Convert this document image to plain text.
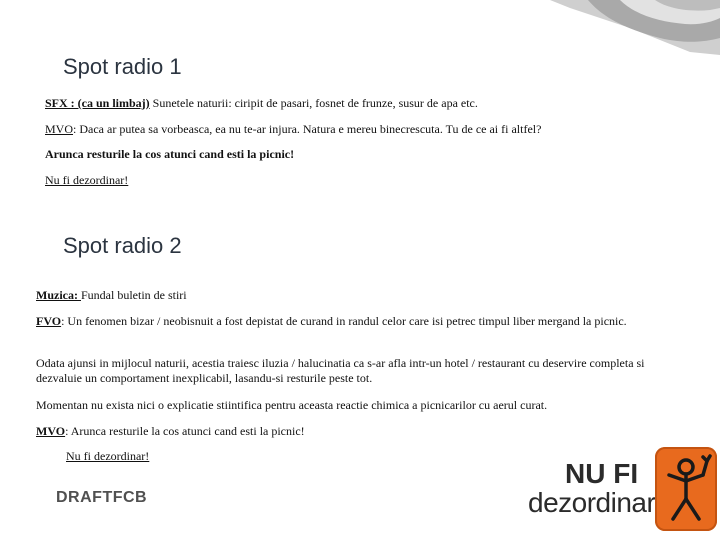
Spot radio 1

SFX : (ca un limbaj) Sunetele naturii: ciripit de pasari, fosnet de frunze, susur de apa etc.

MVO: Daca ar putea sa vorbeasca, ea nu te-ar injura. Natura e mereu binecrescuta. Tu de ce ai fi altfel?

Arunca resturile la cos atunci cand esti la picnic!

Nu fi dezordinar!

Spot radio 2

Muzica: Fundal buletin de stiri

FVO: Un fenomen bizar / neobisnuit a fost depistat de curand in randul celor care isi petrec timpul liber mergand la picnic.

Odata ajunsi in mijlocul naturii, acestia traiesc iluzia / halucinatia ca s-ar afla intr-un hotel / restaurant cu deservire completa si dezvaluie un comportament inexplicabil, lasandu-si resturile peste tot.

Momentan nu exista nici o explicatie stiintifica pentru aceasta reactie chimica a picnicarilor cu aerul curat.

MVO: Arunca resturile la cos atunci cand esti la picnic!

Nu fi dezordinar!

DRAFTFCB
NU FI
dezordinar
